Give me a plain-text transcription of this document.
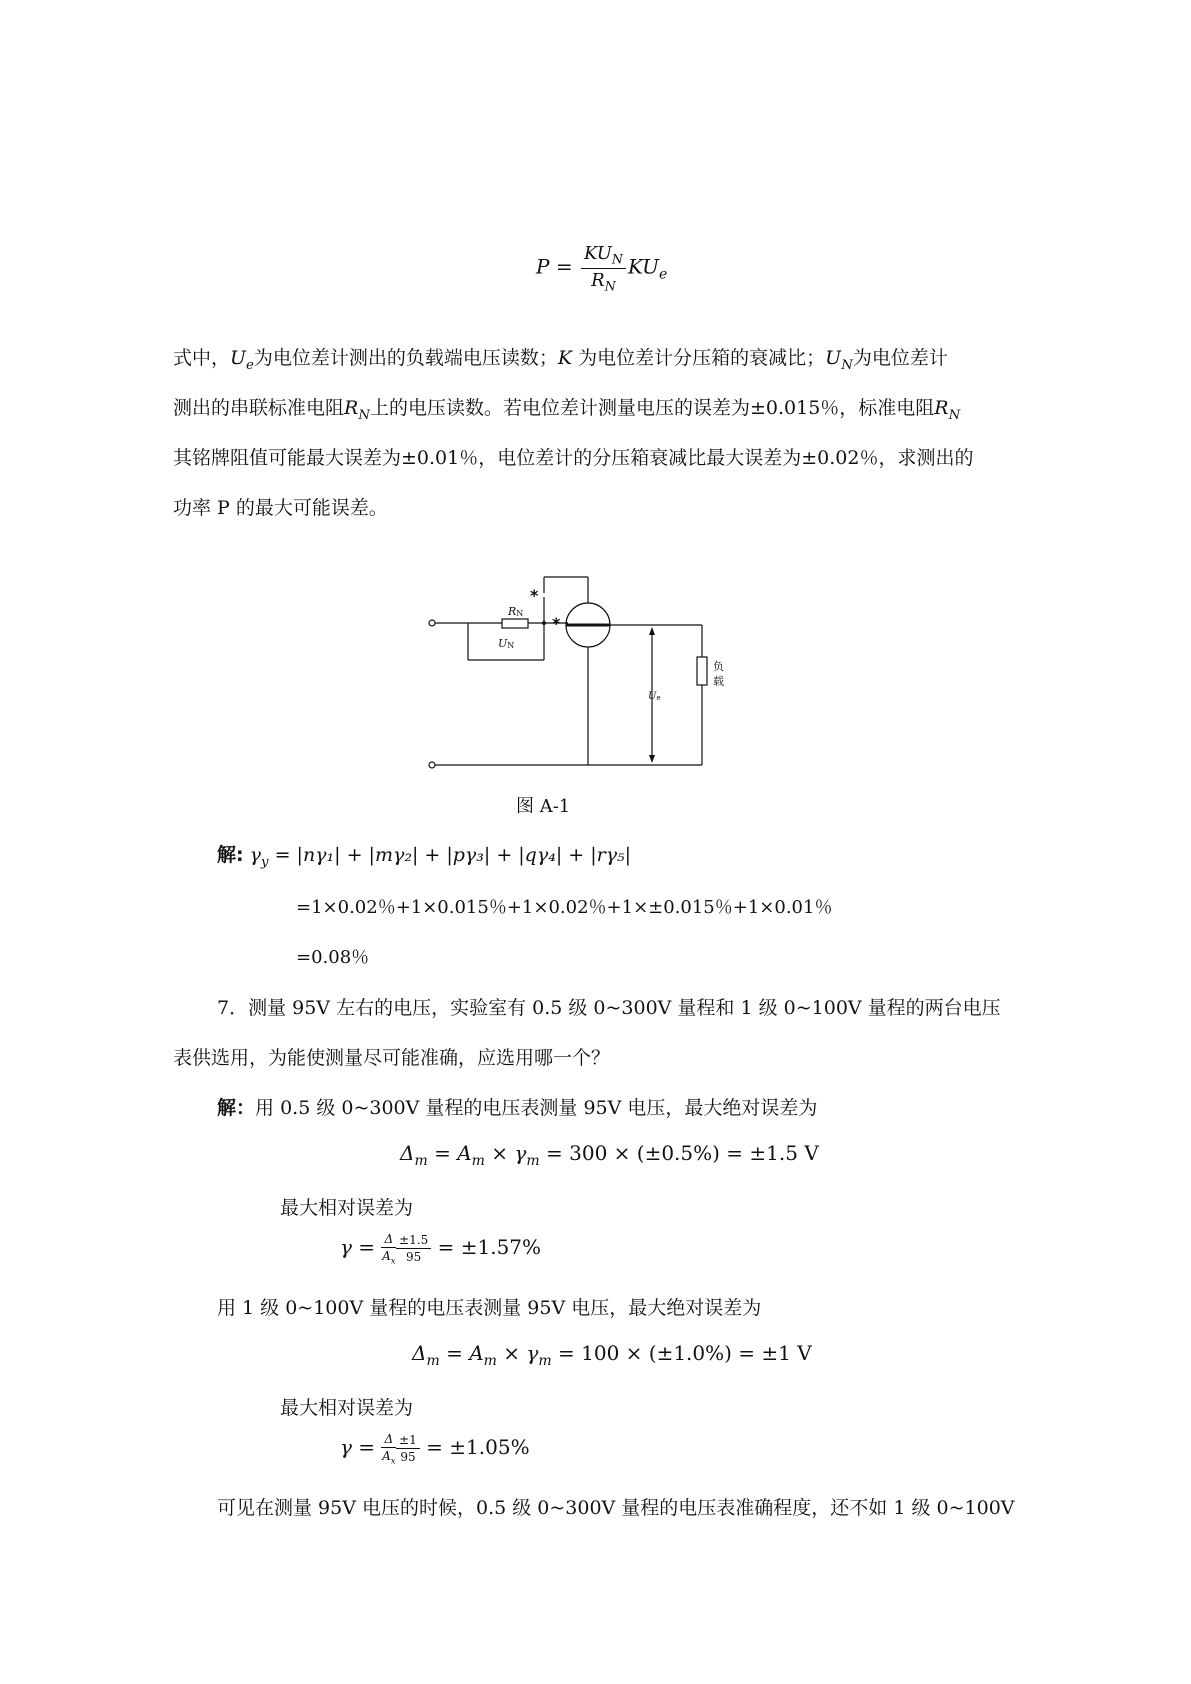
$P = \frac{KU_N}{R_N} KU_e$
式中，$U_e$为电位差计测出的负载端电压读数；K 为电位差计分压箱的衰减比；$U_N$为电位差计
测出的串联标准电阻$R_N$上的电压读数。若电位差计测量电压的误差为±0.015％，标准电阻$R_N$
其铭牌阻值可能最大误差为±0.01％，电位差计的分压箱衰减比最大误差为±0.02％，求测出的
功率 P 的最大可能误差。
RN
UN
Ue
*
*
负
载
图 A-1
解: $\gamma_y = |n\gamma_1| + |m\gamma_2| + |p\gamma_3| + |q\gamma_4| + |r\gamma_5|$
=1×0.02％+1×0.015％+1×0.02％+1×±0.015％+1×0.01％
=0.08％
7．测量 95V 左右的电压，实验室有 0.5 级 0~300V 量程和 1 级 0~100V 量程的两台电压
表供选用，为能使测量尽可能准确，应选用哪一个？
解：用 0.5 级 0~300V 量程的电压表测量 95V 电压，最大绝对误差为
$\Delta_m = A_m \times \gamma_m = 300 \times (\pm 0.5\%) = \pm 1.5$ V
最大相对误差为
$\gamma = \frac{\Delta}{A_x} \frac{\pm 1.5}{95} = \pm 1.57\%$
用 1 级 0~100V 量程的电压表测量 95V 电压，最大绝对误差为
$\Delta_m = A_m \times \gamma_m = 100 \times (\pm 1.0\%) = \pm 1$ V
最大相对误差为
$\gamma = \frac{\Delta}{A_x} \frac{\pm 1}{95} = \pm 1.05\%$
可见在测量 95V 电压的时候，0.5 级 0~300V 量程的电压表准确程度，还不如 1 级 0~100V
